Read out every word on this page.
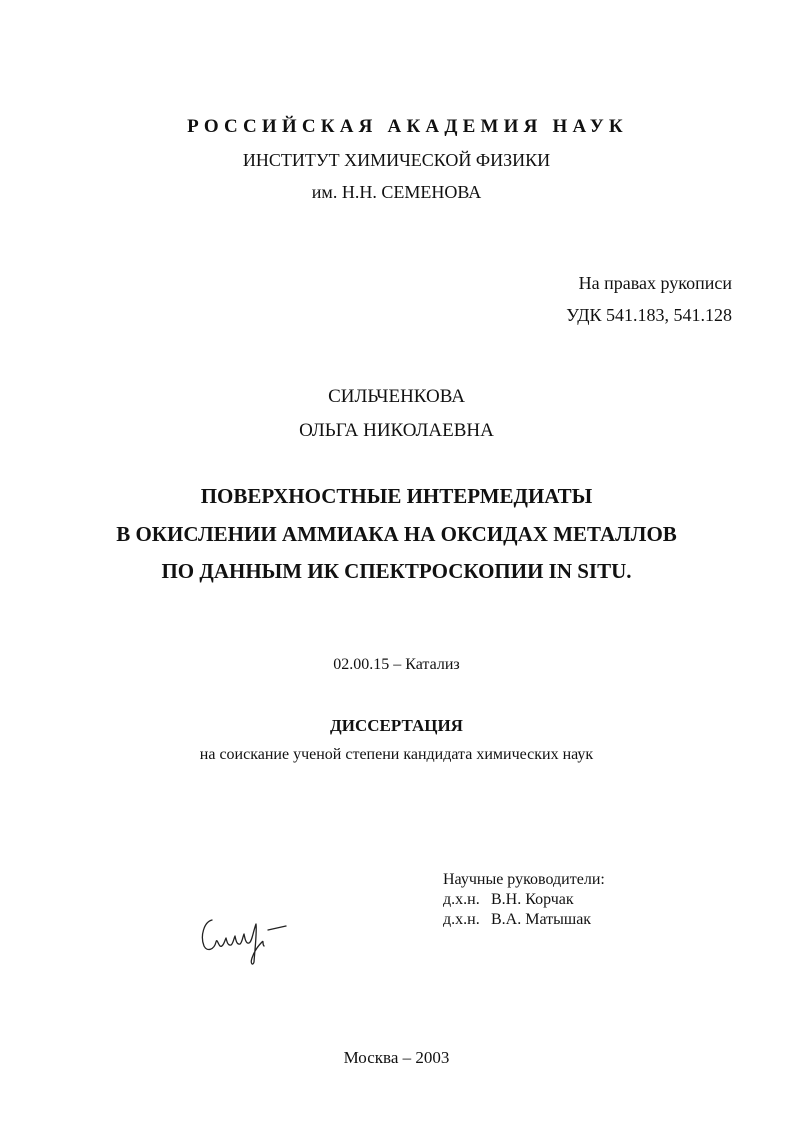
РОССИЙСКАЯ АКАДЕМИЯ НАУК
ИНСТИТУТ ХИМИЧЕСКОЙ ФИЗИКИ
им. Н.Н. СЕМЕНОВА
На правах рукописи
УДК 541.183, 541.128
СИЛЬЧЕНКОВА
ОЛЬГА НИКОЛАЕВНА
ПОВЕРХНОСТНЫЕ ИНТЕРМЕДИАТЫ
В ОКИСЛЕНИИ АММИАКА НА ОКСИДАХ МЕТАЛЛОВ
ПО ДАННЫМ ИК СПЕКТРОСКОПИИ IN SITU.
02.00.15 – Катализ
ДИССЕРТАЦИЯ
на соискание ученой степени кандидата химических наук
Научные руководители:
д.х.н. В.Н. Корчак
д.х.н. В.А. Матышак
Москва – 2003
